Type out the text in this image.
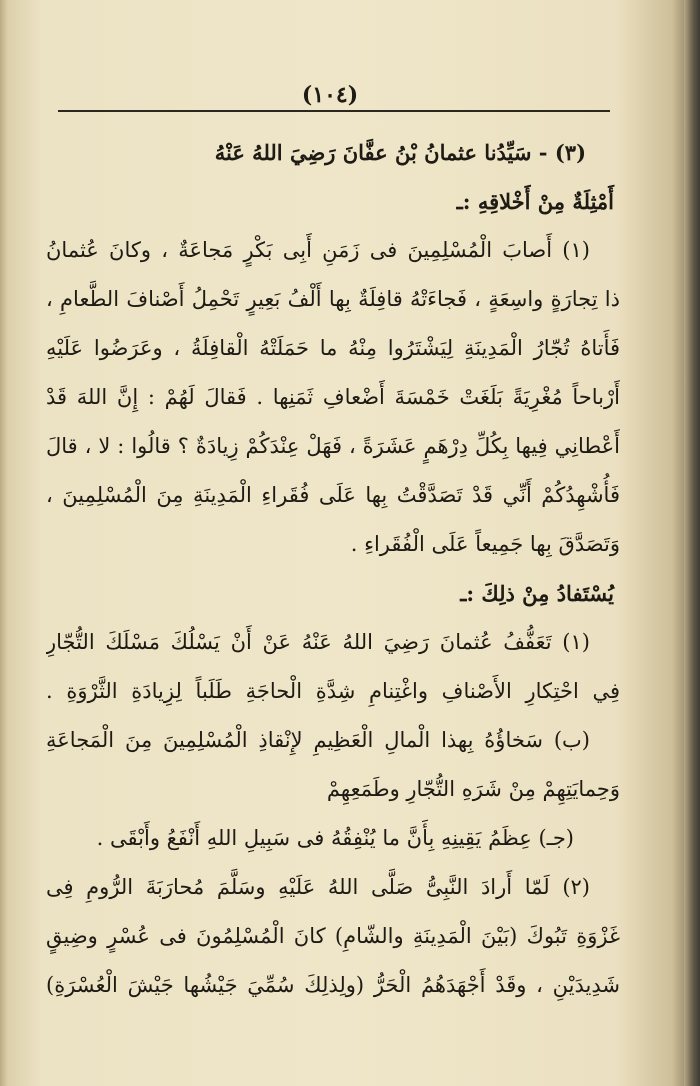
(١٠٤)
(٣) - سَيِّدُنا عثمانُ بْنُ عفَّانَ رَضِيَ اللهُ عَنْهُ
أَمْثِلَةٌ مِنْ أَخْلاقِهِ :ـ
(١) أَصابَ الْمُسْلِمِينَ فى زَمَنِ أَبِى بَكْرٍ مَجاعَةٌ ، وكانَ عُثمانُ
ذا تِجارَةٍ واسِعَةٍ ، فَجاءَتْهُ قافِلَةٌ بِها أَلْفُ بَعِيرٍ تَحْمِلُ أَصْنافَ الطَّعامِ ،
فَأَتاهُ تُجّارُ الْمَدِينَةِ لِيَشْتَرُوا مِنْهُ ما حَمَلَتْهُ الْقافِلَةُ ، وعَرَضُوا عَلَيْهِ
أَرْباحاً مُغْرِيَةً بَلَغَتْ خَمْسَةَ أَضْعافِ ثَمَنِها . فَقالَ لَهُمْ : إِنَّ اللهَ قَدْ
أَعْطانِي فِيها بِكُلِّ دِرْهَمٍ عَشَرَةً ، فَهَلْ عِنْدَكُمْ زِيادَةٌ ؟ قالُوا : لا ، قالَ
فَأُشْهِدُكُمْ أَنِّي قَدْ تَصَدَّقْتُ بِها عَلَى فُقَراءِ الْمَدِينَةِ مِنَ الْمُسْلِمِينَ ،
وَتَصَدَّقَ بِها جَمِيعاً عَلَى الْفُقَراءِ .
يُسْتَفادُ مِنْ ذلِكَ :ـ
(١) تَعَفُّفُ عُثمانَ رَضِيَ اللهُ عَنْهُ عَنْ أَنْ يَسْلُكَ مَسْلَكَ التُّجّارِ
فِي احْتِكارِ الأَصْنافِ واغْتِنامِ شِدَّةِ الْحاجَةِ طَلَباً لِزِيادَةِ الثَّرْوَةِ .
(ب) سَخاؤُهُ بِهذا الْمالِ الْعَظِيمِ لإِنْقاذِ الْمُسْلِمِينَ مِنَ الْمَجاعَةِ
وَحِمايَتِهِمْ مِنْ شَرَهِ التُّجّارِ وطَمَعِهِمْ
(جـ) عِظَمُ يَقِينِهِ بِأَنَّ ما يُنْفِقُهُ فى سَبِيلِ اللهِ أَنْفَعُ وأَبْقَى .
(٢) لَمّا أَرادَ النَّبِىُّ صَلَّى اللهُ عَلَيْهِ وسَلَّمَ مُحارَبَةَ الرُّومِ فِى
غَزْوَةِ تَبُوكَ (بَيْنَ الْمَدِينَةِ والشّامِ) كانَ الْمُسْلِمُونَ فى عُسْرٍ وضِيقٍ
شَدِيدَيْنِ ، وقَدْ أَجْهَدَهُمُ الْحَرُّ (ولِذلِكَ سُمِّيَ جَيْشُها جَيْشَ الْعُسْرَةِ)
